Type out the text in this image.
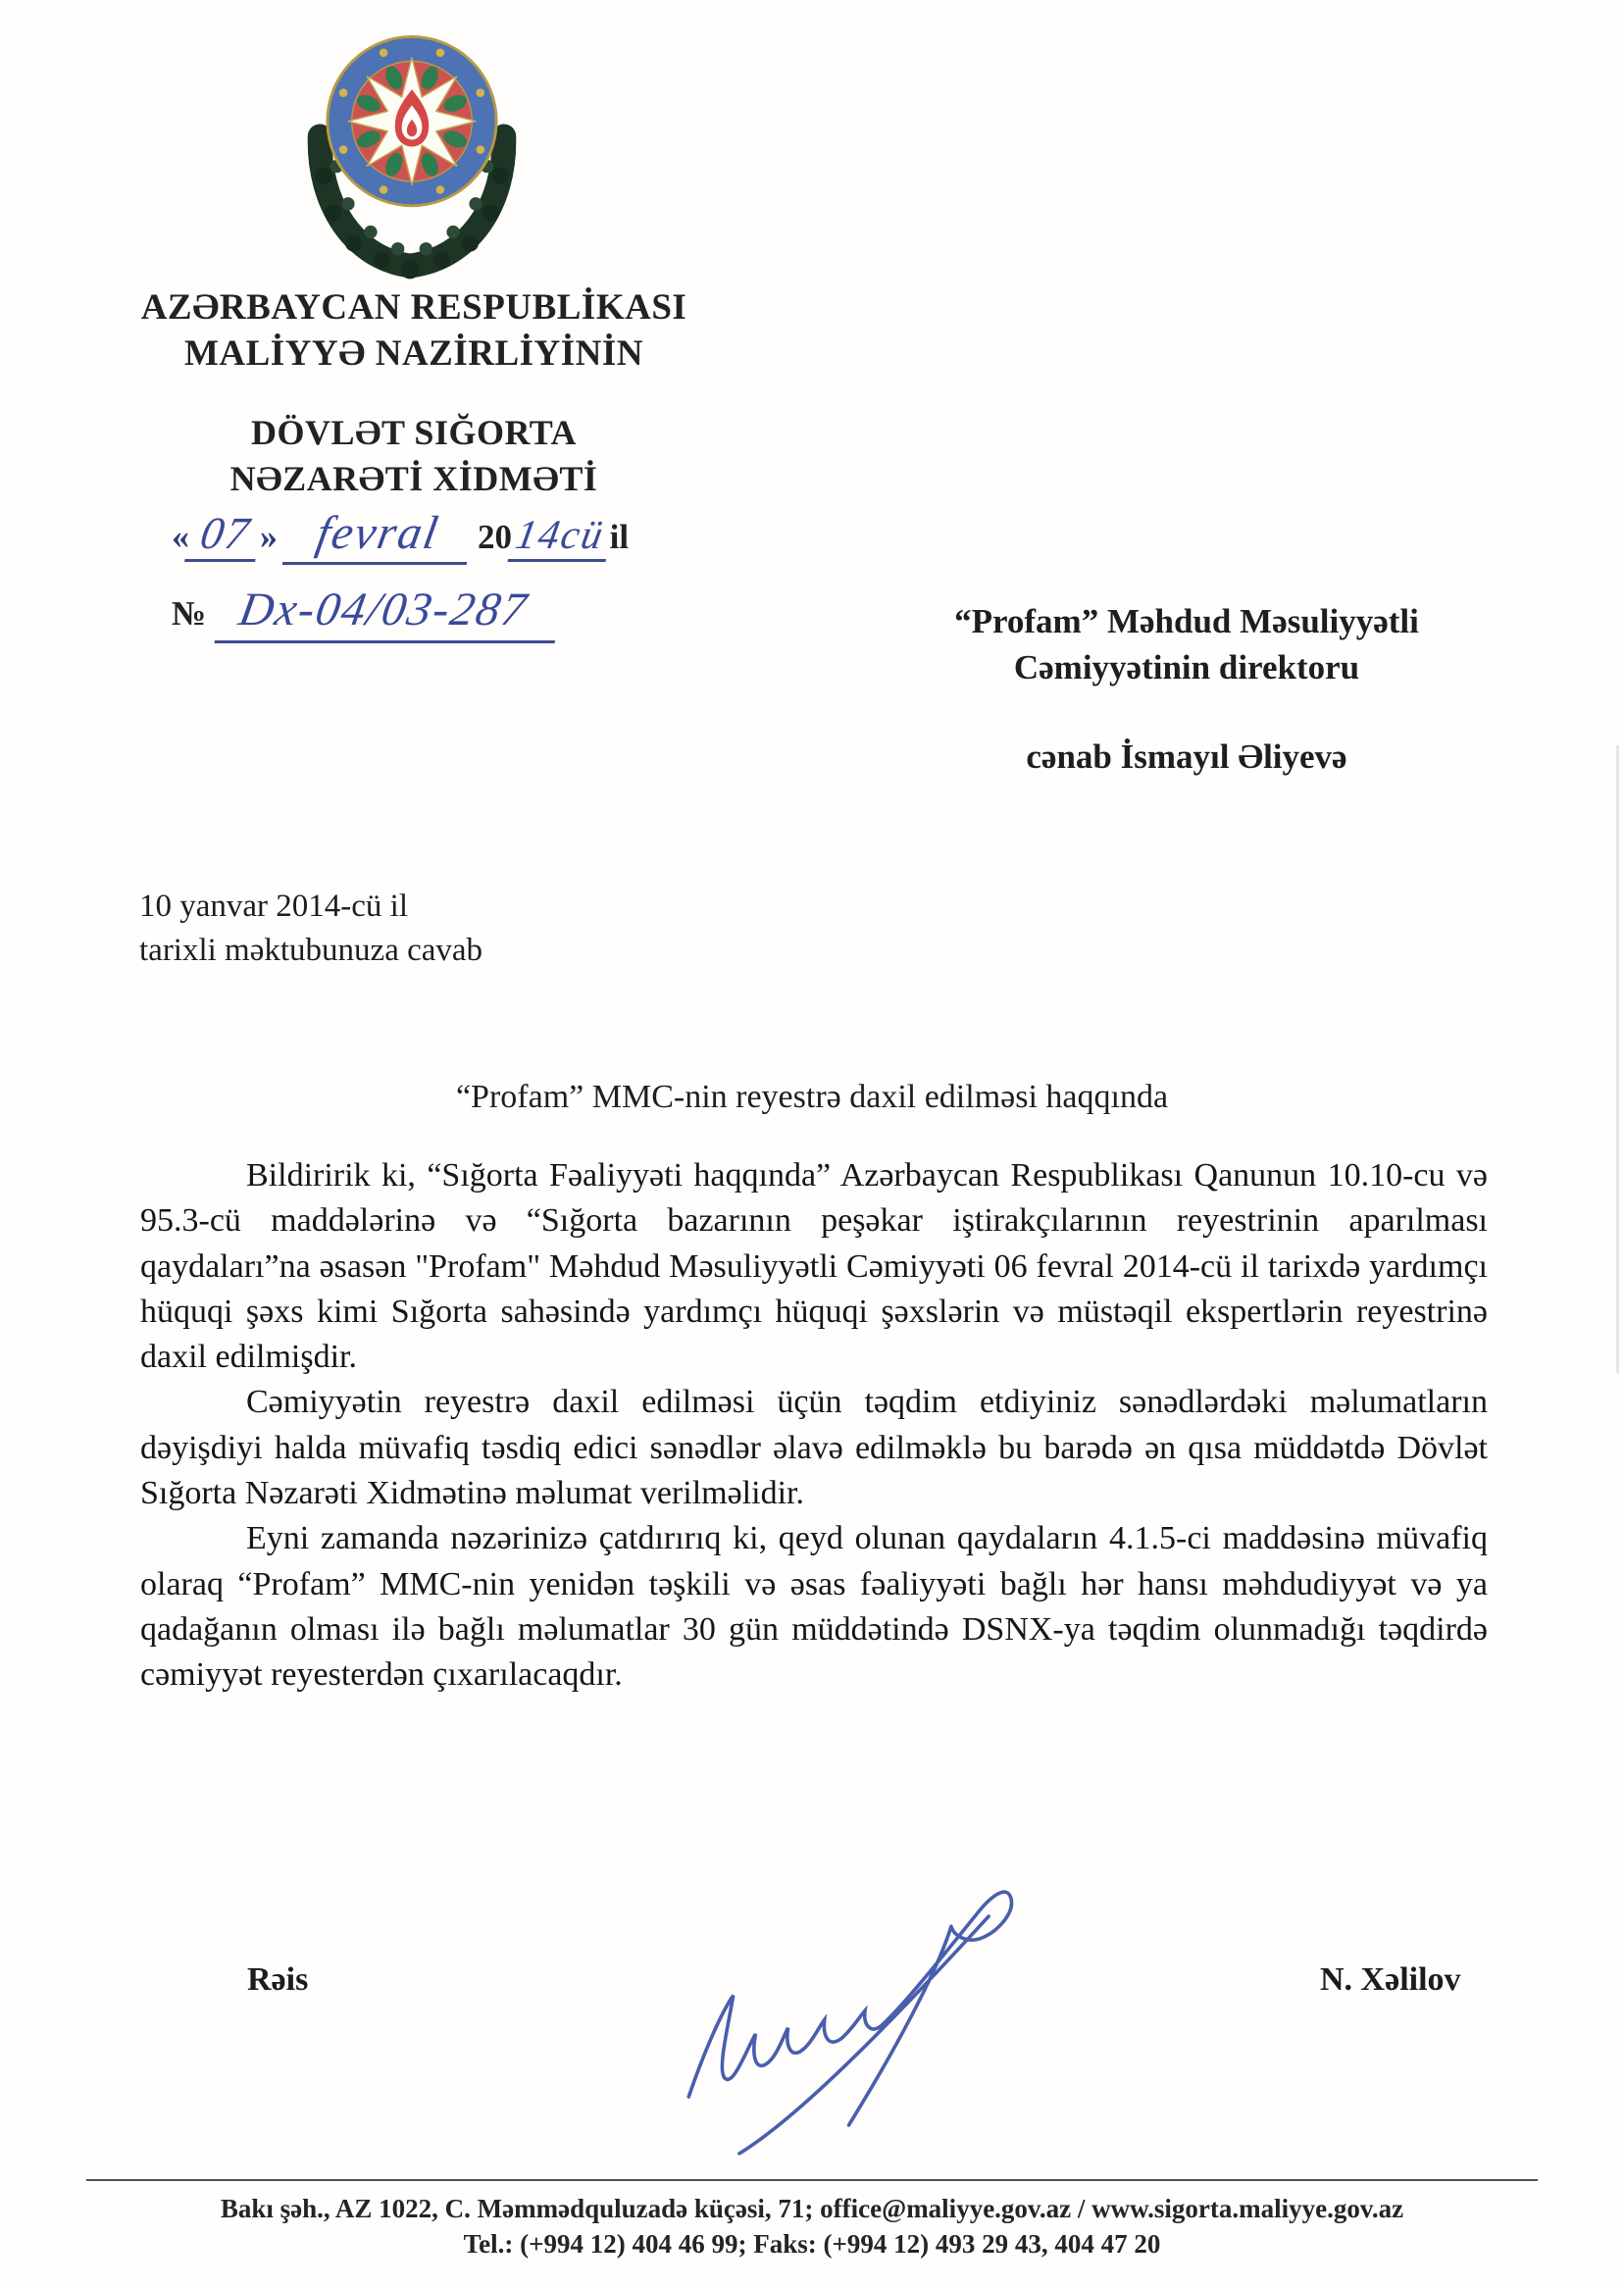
AZƏRBAYCAN RESPUBLİKASI
MALİYYƏ NAZİRLİYİNİN
DÖVLƏT SIĞORTA
NƏZARƏTİ XİDMƏTİ
« 07 » fevral 20 14cü il
№ Dx-04/03-287	“Profam” Məhdud Məsuliyyətli
Cəmiyyətinin direktoru
cənab İsmayıl Əliyevə
10 yanvar 2014-cü il
tarixli məktubunuza cavab
“Profam” MMC-nin reyestrə daxil edilməsi haqqında

Bildiririk ki, “Sığorta Fəaliyyəti haqqında” Azərbaycan Respublikası Qanunun 10.10-cu və 95.3-cü maddələrinə və “Sığorta bazarının peşəkar iştirakçılarının reyestrinin aparılması qaydaları”na əsasən "Profam" Məhdud Məsuliyyətli Cəmiyyəti 06 fevral 2014-cü il tarixdə yardımçı hüquqi şəxs kimi Sığorta sahəsində yardımçı hüquqi şəxslərin və müstəqil ekspertlərin reyestrinə daxil edilmişdir.

Cəmiyyətin reyestrə daxil edilməsi üçün təqdim etdiyiniz sənədlərdəki məlumatların dəyişdiyi halda müvafiq təsdiq edici sənədlər əlavə edilməklə bu barədə ən qısa müddətdə Dövlət Sığorta Nəzarəti Xidmətinə məlumat verilməlidir.

Eyni zamanda nəzərinizə çatdırırıq ki, qeyd olunan qaydaların 4.1.5-ci maddəsinə müvafiq olaraq “Profam” MMC-nin yenidən təşkili və əsas fəaliyyəti bağlı hər hansı məhdudiyyət və ya qadağanın olması ilə bağlı məlumatlar 30 gün müddətində DSNX-ya təqdim olunmadığı təqdirdə cəmiyyət reyesterdən çıxarılacaqdır.

Rəis	N. Xəlilov
Bakı şəh., AZ 1022, C. Məmmədquluzadə küçəsi, 71; office@maliyye.gov.az / www.sigorta.maliyye.gov.az
Tel.: (+994 12) 404 46 99; Faks: (+994 12) 493 29 43, 404 47 20
